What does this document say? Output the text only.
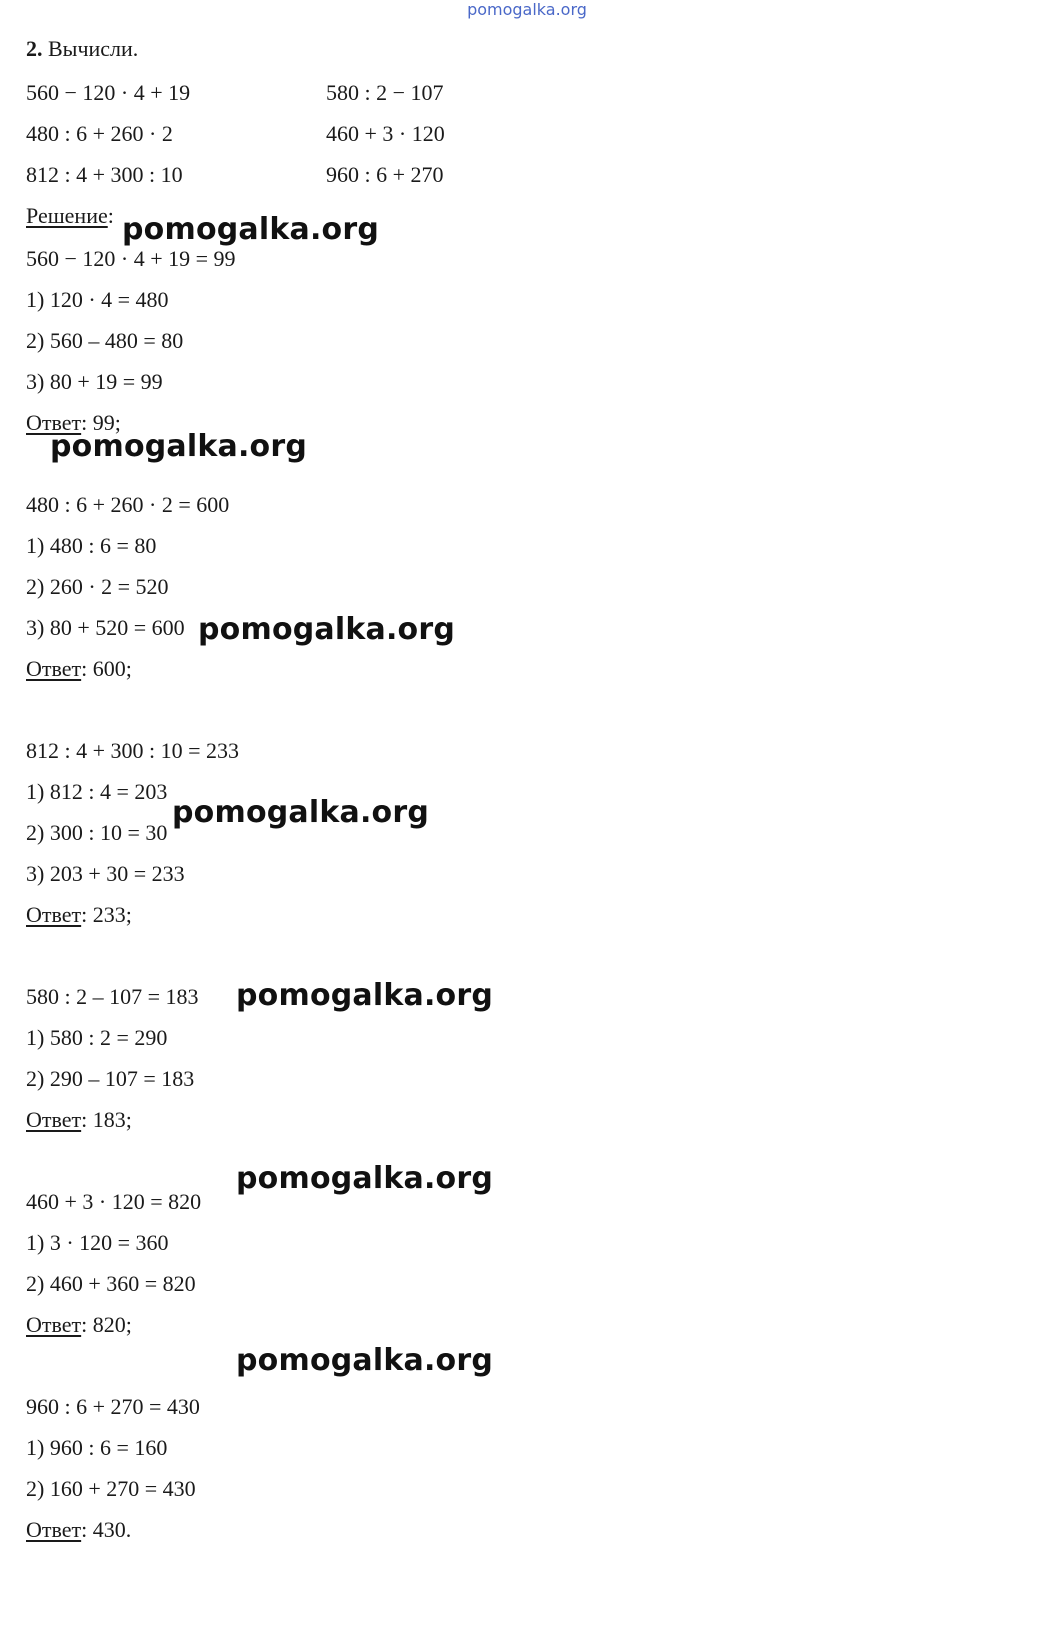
pomogalka.org
2. Вычисли.
560 − 120 · 4 + 19
480 : 6 + 260 · 2
812 : 4 + 300 : 10
580 : 2 − 107
460 + 3 · 120
960 : 6 + 270
Решение:
560 − 120 · 4 + 19 = 99
1) 120 · 4 = 480
2) 560 – 480 = 80
3) 80 + 19 = 99
Ответ: 99;
480 : 6 + 260 · 2 = 600
1) 480 : 6 = 80
2) 260 · 2 = 520
3) 80 + 520 = 600
Ответ: 600;
812 : 4 + 300 : 10 = 233
1) 812 : 4 = 203
2) 300 : 10 = 30
3) 203 + 30 = 233
Ответ: 233;
580 : 2 – 107 = 183
1) 580 : 2 = 290
2) 290 – 107 = 183
Ответ: 183;
460 + 3 · 120 = 820
1) 3 · 120 = 360
2) 460 + 360 = 820
Ответ: 820;
960 : 6 + 270 = 430
1) 960 : 6 = 160
2) 160 + 270 = 430
Ответ: 430.
pomogalka.org
pomogalka.org
pomogalka.org
pomogalka.org
pomogalka.org
pomogalka.org
pomogalka.org
